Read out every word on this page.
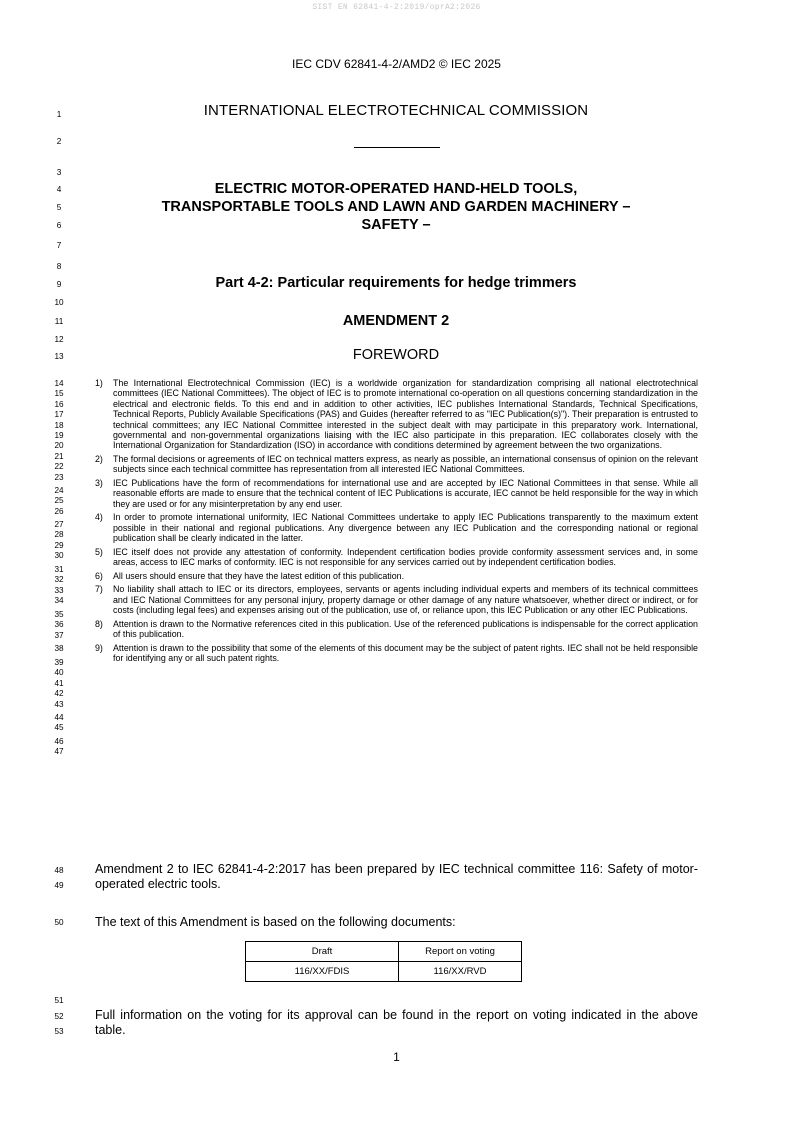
SIST EN 62841-4-2:2019/oprA2:2026
IEC CDV 62841-4-2/AMD2 © IEC 2025
1
2
3
4
5
6
7
8
9
10
11
12
13
14
15
16
17
18
19
20
21
22
23
24
25
26
27
28
29
30
31
32
33
34
35
36
37
38
39
40
41
42
43
44
45
46
47
48
49
50
51
52
53
INTERNATIONAL ELECTROTECHNICAL COMMISSION
ELECTRIC MOTOR-OPERATED HAND-HELD TOOLS,
TRANSPORTABLE TOOLS AND LAWN AND GARDEN MACHINERY –
SAFETY –
Part 4-2: Particular requirements for hedge trimmers
AMENDMENT 2
FOREWORD
1) The International Electrotechnical Commission (IEC) is a worldwide organization for standardization comprising all national electrotechnical committees (IEC National Committees). The object of IEC is to promote international co-operation on all questions concerning standardization in the electrical and electronic fields. To this end and in addition to other activities, IEC publishes International Standards, Technical Specifications, Technical Reports, Publicly Available Specifications (PAS) and Guides (hereafter referred to as "IEC Publication(s)"). Their preparation is entrusted to technical committees; any IEC National Committee interested in the subject dealt with may participate in this preparatory work. International, governmental and non-governmental organizations liaising with the IEC also participate in this preparation. IEC collaborates closely with the International Organization for Standardization (ISO) in accordance with conditions determined by agreement between the two organizations.
2) The formal decisions or agreements of IEC on technical matters express, as nearly as possible, an international consensus of opinion on the relevant subjects since each technical committee has representation from all interested IEC National Committees.
3) IEC Publications have the form of recommendations for international use and are accepted by IEC National Committees in that sense. While all reasonable efforts are made to ensure that the technical content of IEC Publications is accurate, IEC cannot be held responsible for the way in which they are used or for any misinterpretation by any end user.
4) In order to promote international uniformity, IEC National Committees undertake to apply IEC Publications transparently to the maximum extent possible in their national and regional publications. Any divergence between any IEC Publication and the corresponding national or regional publication shall be clearly indicated in the latter.
5) IEC itself does not provide any attestation of conformity. Independent certification bodies provide conformity assessment services and, in some areas, access to IEC marks of conformity. IEC is not responsible for any services carried out by independent certification bodies.
6) All users should ensure that they have the latest edition of this publication.
7) No liability shall attach to IEC or its directors, employees, servants or agents including individual experts and members of its technical committees and IEC National Committees for any personal injury, property damage or other damage of any nature whatsoever, whether direct or indirect, or for costs (including legal fees) and expenses arising out of the publication, use of, or reliance upon, this IEC Publication or any other IEC Publications.
8) Attention is drawn to the Normative references cited in this publication. Use of the referenced publications is indispensable for the correct application of this publication.
9) Attention is drawn to the possibility that some of the elements of this document may be the subject of patent rights. IEC shall not be held responsible for identifying any or all such patent rights.
Amendment 2 to IEC 62841-4-2:2017 has been prepared by IEC technical committee 116: Safety of motor-operated electric tools.
The text of this Amendment is based on the following documents:
Draft	Report on voting
116/XX/FDIS	116/XX/RVD
Full information on the voting for its approval can be found in the report on voting indicated in the above table.
1
